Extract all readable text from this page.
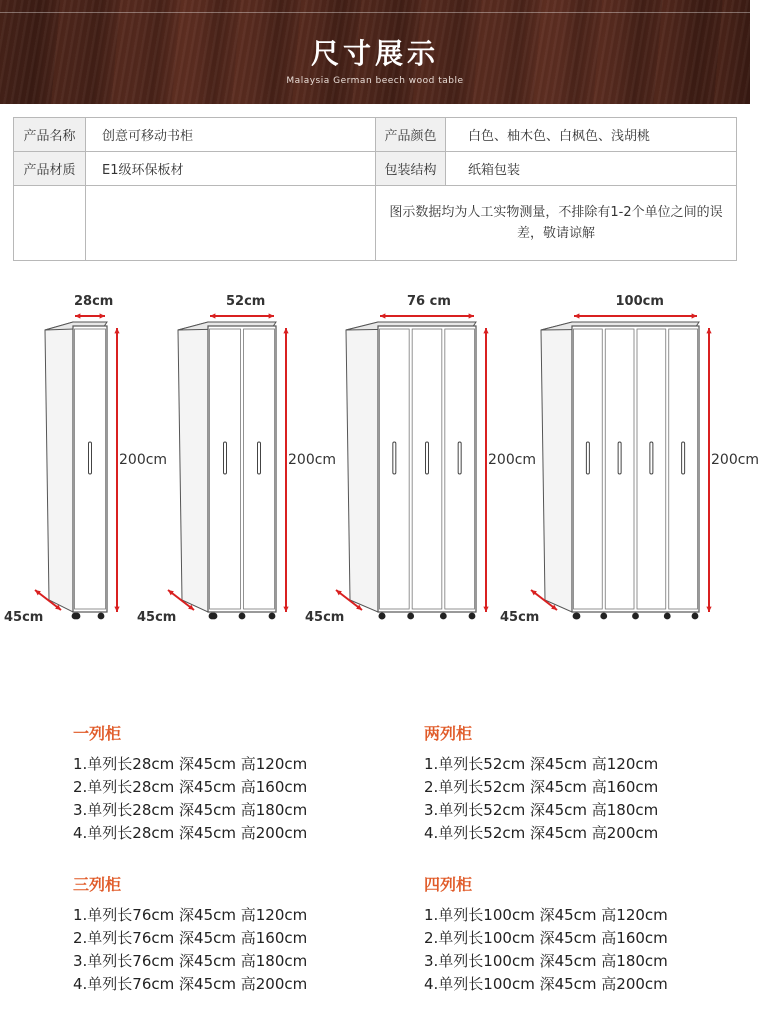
尺寸展示
Malaysia German beech wood table
产品名称	创意可移动书柜	产品颜色	白色、柚木色、白枫色、浅胡桃
产品材质	E1级环保板材	包装结构	纸箱包装
图示数据均为人工实物测量，不排除有1-2个单位之间的误差，敬请谅解
28cm
200cm
45cm
52cm
200cm
45cm
76 cm
200cm
45cm
100cm
200cm
45cm
一列柜
1.单列长28cm 深45cm 高120cm
2.单列长28cm 深45cm 高160cm
3.单列长28cm 深45cm 高180cm
4.单列长28cm 深45cm 高200cm
两列柜
1.单列长52cm 深45cm 高120cm
2.单列长52cm 深45cm 高160cm
3.单列长52cm 深45cm 高180cm
4.单列长52cm 深45cm 高200cm
三列柜
1.单列长76cm 深45cm 高120cm
2.单列长76cm 深45cm 高160cm
3.单列长76cm 深45cm 高180cm
4.单列长76cm 深45cm 高200cm
四列柜
1.单列长100cm 深45cm 高120cm
2.单列长100cm 深45cm 高160cm
3.单列长100cm 深45cm 高180cm
4.单列长100cm 深45cm 高200cm
